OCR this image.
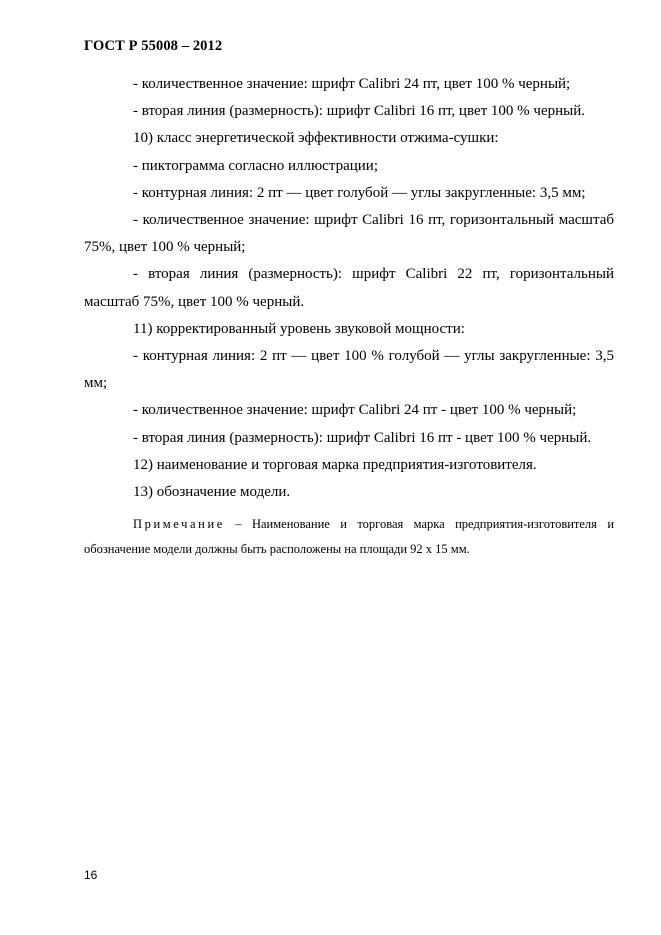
ГОСТ Р 55008 – 2012

- количественное значение: шрифт Calibri 24 пт, цвет 100 % черный;

- вторая линия (размерность): шрифт Calibri 16 пт, цвет 100 % черный.

10) класс энергетической эффективности отжима-сушки:

- пиктограмма согласно иллюстрации;

- контурная линия: 2 пт –– цвет голубой — углы закругленные: 3,5 мм;

- количественное значение: шрифт Calibri 16 пт, горизонтальный масштаб 75%, цвет 100 % черный;

- вторая линия (размерность): шрифт Calibri 22 пт, горизонтальный масштаб 75%, цвет 100 % черный.

11) корректированный уровень звуковой мощности:

- контурная линия: 2 пт — цвет 100 % голубой — углы закругленные: 3,5 мм;

- количественное значение: шрифт Calibri 24 пт - цвет 100 % черный;

- вторая линия (размерность): шрифт Calibri 16 пт - цвет 100 % черный.

12) наименование и торговая марка предприятия-изготовителя.

13) обозначение модели.

Примечание – Наименование и торговая марка предприятия-изготовителя и обозначение модели должны быть расположены на площади 92 х 15 мм.

16
